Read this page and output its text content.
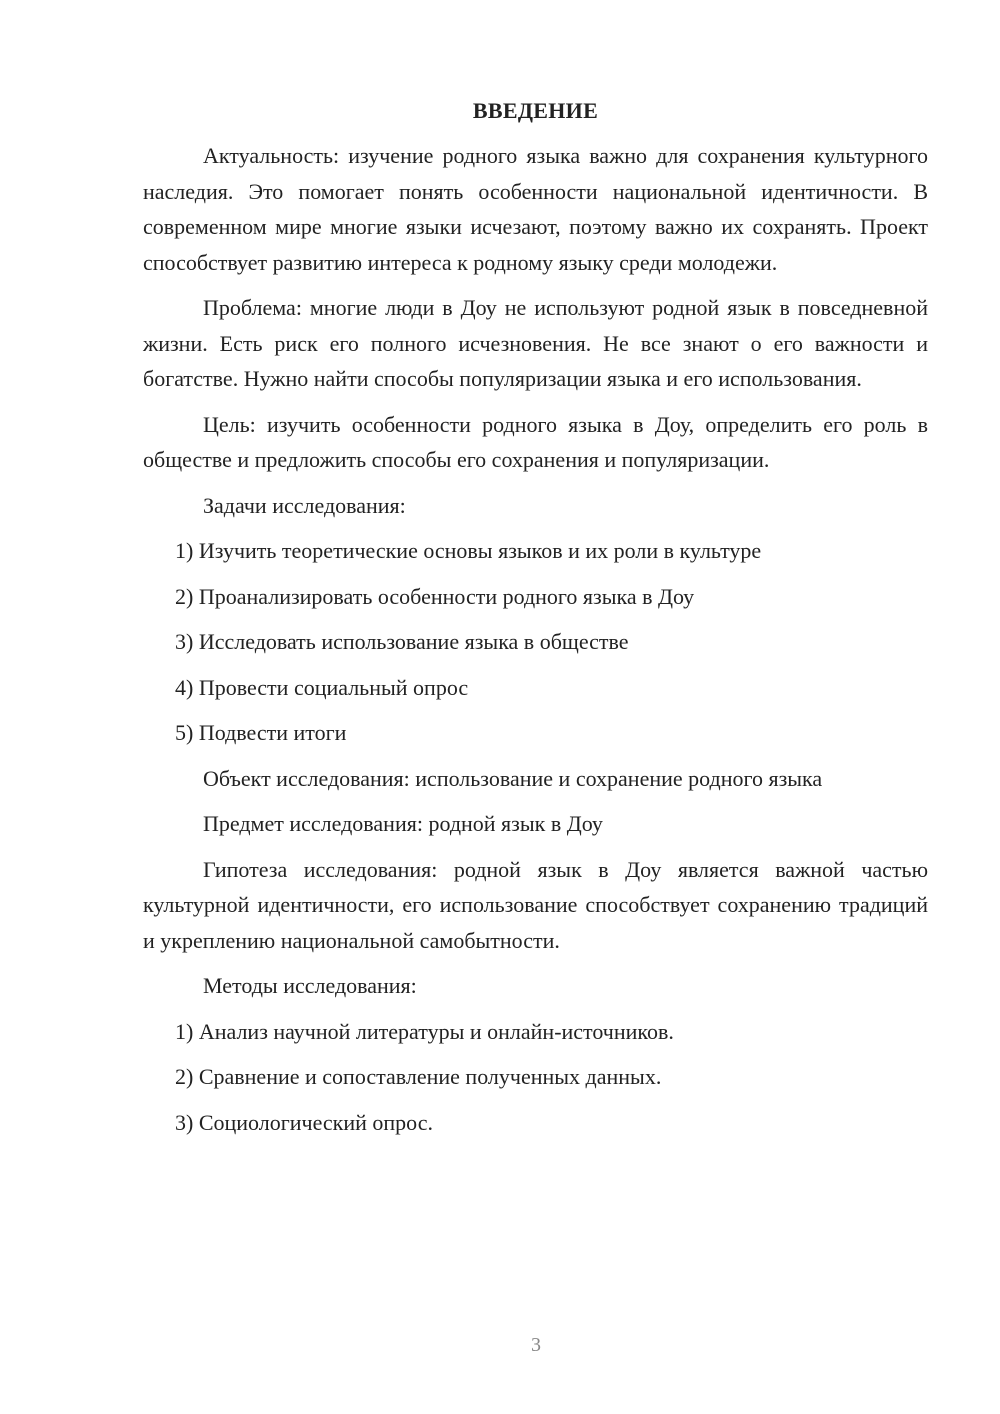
ВВЕДЕНИЕ

Актуальность: изучение родного языка важно для сохранения культурного наследия. Это помогает понять особенности национальной идентичности. В современном мире многие языки исчезают, поэтому важно их сохранять. Проект способствует развитию интереса к родному языку среди молодежи.

Проблема: многие люди в Доу не используют родной язык в повседневной жизни. Есть риск его полного исчезновения. Не все знают о его важности и богатстве. Нужно найти способы популяризации языка и его использования.

Цель: изучить особенности родного языка в Доу, определить его роль в обществе и предложить способы его сохранения и популяризации.

Задачи исследования:

1) Изучить теоретические основы языков и их роли в культуре

2) Проанализировать особенности родного языка в Доу

3) Исследовать использование языка в обществе

4) Провести социальный опрос

5) Подвести итоги

Объект исследования: использование и сохранение родного языка

Предмет исследования: родной язык в Доу

Гипотеза исследования: родной язык в Доу является важной частью культурной идентичности, его использование способствует сохранению традиций и укреплению национальной самобытности.

Методы исследования:

1) Анализ научной литературы и онлайн-источников.

2) Сравнение и сопоставление полученных данных.

3) Социологический опрос.

3
